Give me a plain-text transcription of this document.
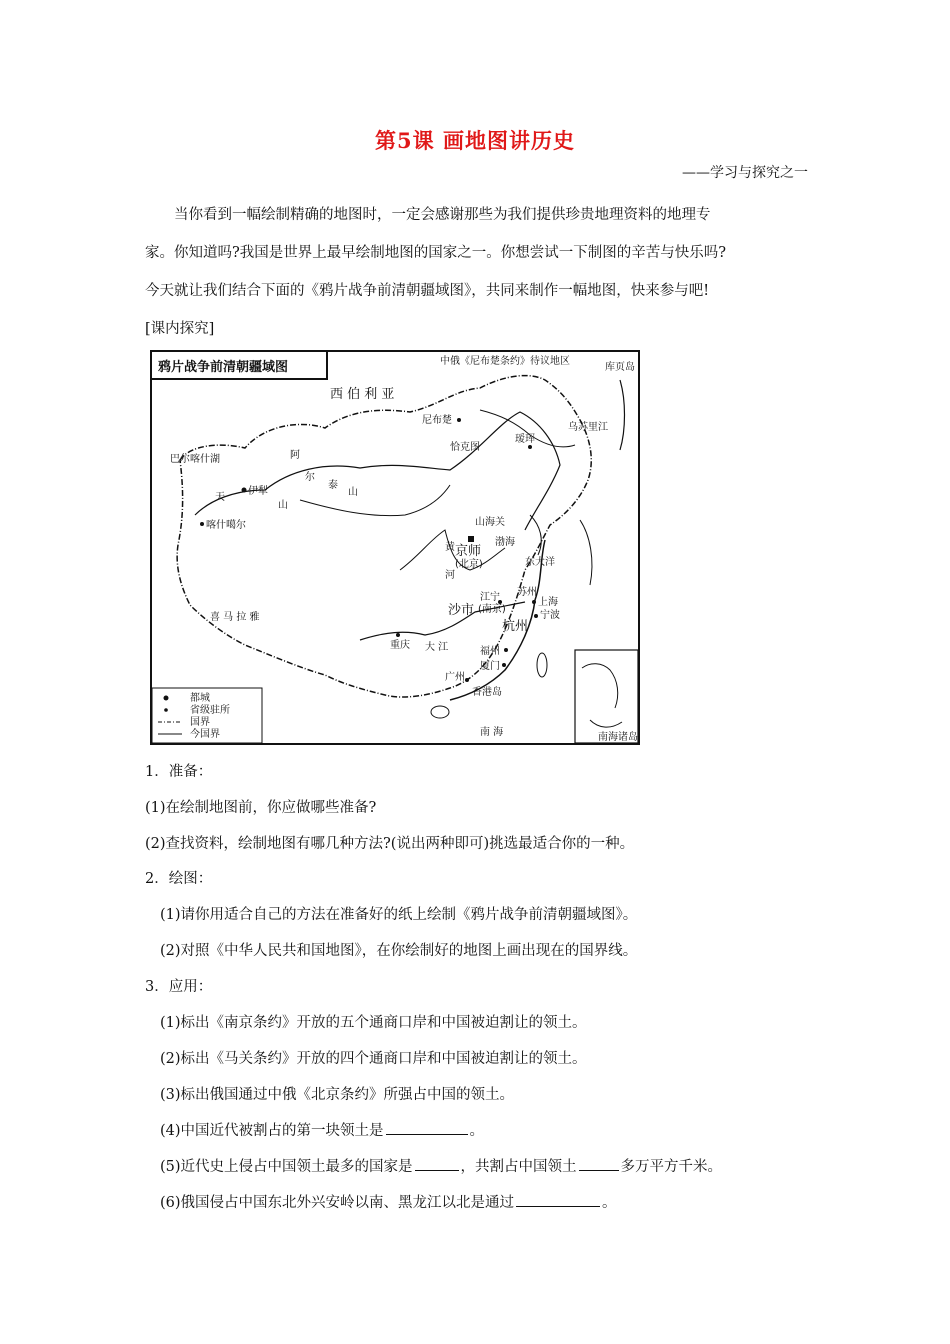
第5课 画地图讲历史
——学习与探究之一

当你看到一幅绘制精确的地图时，一定会感谢那些为我们提供珍贵地理资料的地理专

家。你知道吗?我国是世界上最早绘制地图的国家之一。你想尝试一下制图的辛苦与快乐吗?

今天就让我们结合下面的《鸦片战争前清朝疆域图》，共同来制作一幅地图，快来参与吧!

[课内探究]
鸦片战争前清朝疆域图
西 伯 利 亚
中俄《尼布楚条约》待议地区
尼布楚
恰克图
瑷珲
乌苏里江
库页岛
巴尔喀什湖	阿
尔
泰
山
伊犁
天
山
喀什噶尔	山海关
京师
(北京)
渤海
黄
河
东大洋
江宁
(南京)
苏州
上海
宁波
杭州
沙市
重庆 大 江	福州
厦门
广州
香港岛
南 海
喜 马 拉 雅
都城
省级驻所
国界
今国界	南海诸岛
1．准备：
(1)在绘制地图前，你应做哪些准备?
(2)查找资料，绘制地图有哪几种方法?(说出两种即可)挑选最适合你的一种。
2．绘图：
(1)请你用适合自己的方法在准备好的纸上绘制《鸦片战争前清朝疆域图》。
(2)对照《中华人民共和国地图》，在你绘制好的地图上画出现在的国界线。
3．应用：
(1)标出《南京条约》开放的五个通商口岸和中国被迫割让的领土。
(2)标出《马关条约》开放的四个通商口岸和中国被迫割让的领土。
(3)标出俄国通过中俄《北京条约》所强占中国的领土。
(4)中国近代被割占的第一块领土是	。
(5)近代史上侵占中国领土最多的国家是	，共割占中国领土	多万平方千米。
(6)俄国侵占中国东北外兴安岭以南、黑龙江以北是通过	。
